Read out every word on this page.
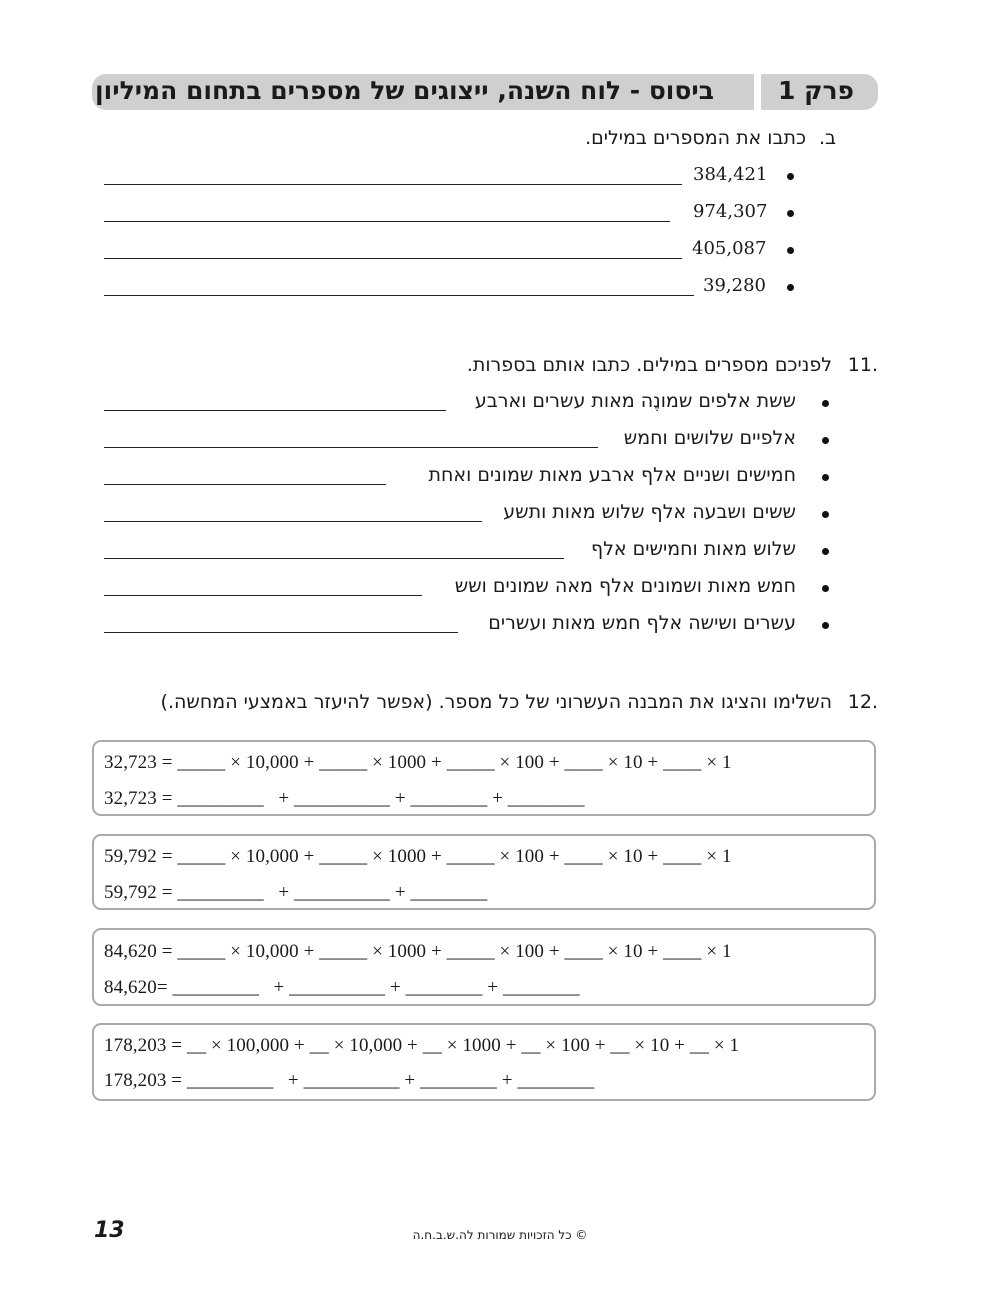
ביסוס - לוח השנה, ייצוגים של מספרים בתחום המיליון	פרק 1
ב.
כתבו את המספרים במילים.
384,421
974,307
405,087
39,280
.11
לפניכם מספרים במילים. כתבו אותם בספרות.
ששת אלפים שמונֶה מאות עשרים וארבע
אלפיים שלושים וחמש
חמישים ושניים אלף ארבע מאות שמונים ואחת
ששים ושבעה אלף שלוש מאות ותשע
שלוש מאות וחמישים אלף
חמש מאות ושמונים אלף מאה שמונים ושש
עשרים ושישה אלף חמש מאות ועשרים
.12
השלימו והציגו את המבנה העשרוני של כל מספר. (אפשר להיעזר באמצעי המחשה.)
32,723 = _____ × 10,000 + _____ × 1000 + _____ × 100 + ____ × 10 + ____ × 1
32,723 = _________   + __________ + ________ + ________
59,792 = _____ × 10,000 + _____ × 1000 + _____ × 100 + ____ × 10 + ____ × 1
59,792 = _________   + __________ + ________
84,620 = _____ × 10,000 + _____ × 1000 + _____ × 100 + ____ × 10 + ____ × 1
84,620= _________   + __________ + ________ + ________
178,203 = __ × 100,000 + __ × 10,000 + __ × 1000 + __ × 100 + __ × 10 + __ × 1
178,203 = _________   + __________ + ________ + ________
13	© כל הזכויות שמורות לה.ש.ב.ח.ה
